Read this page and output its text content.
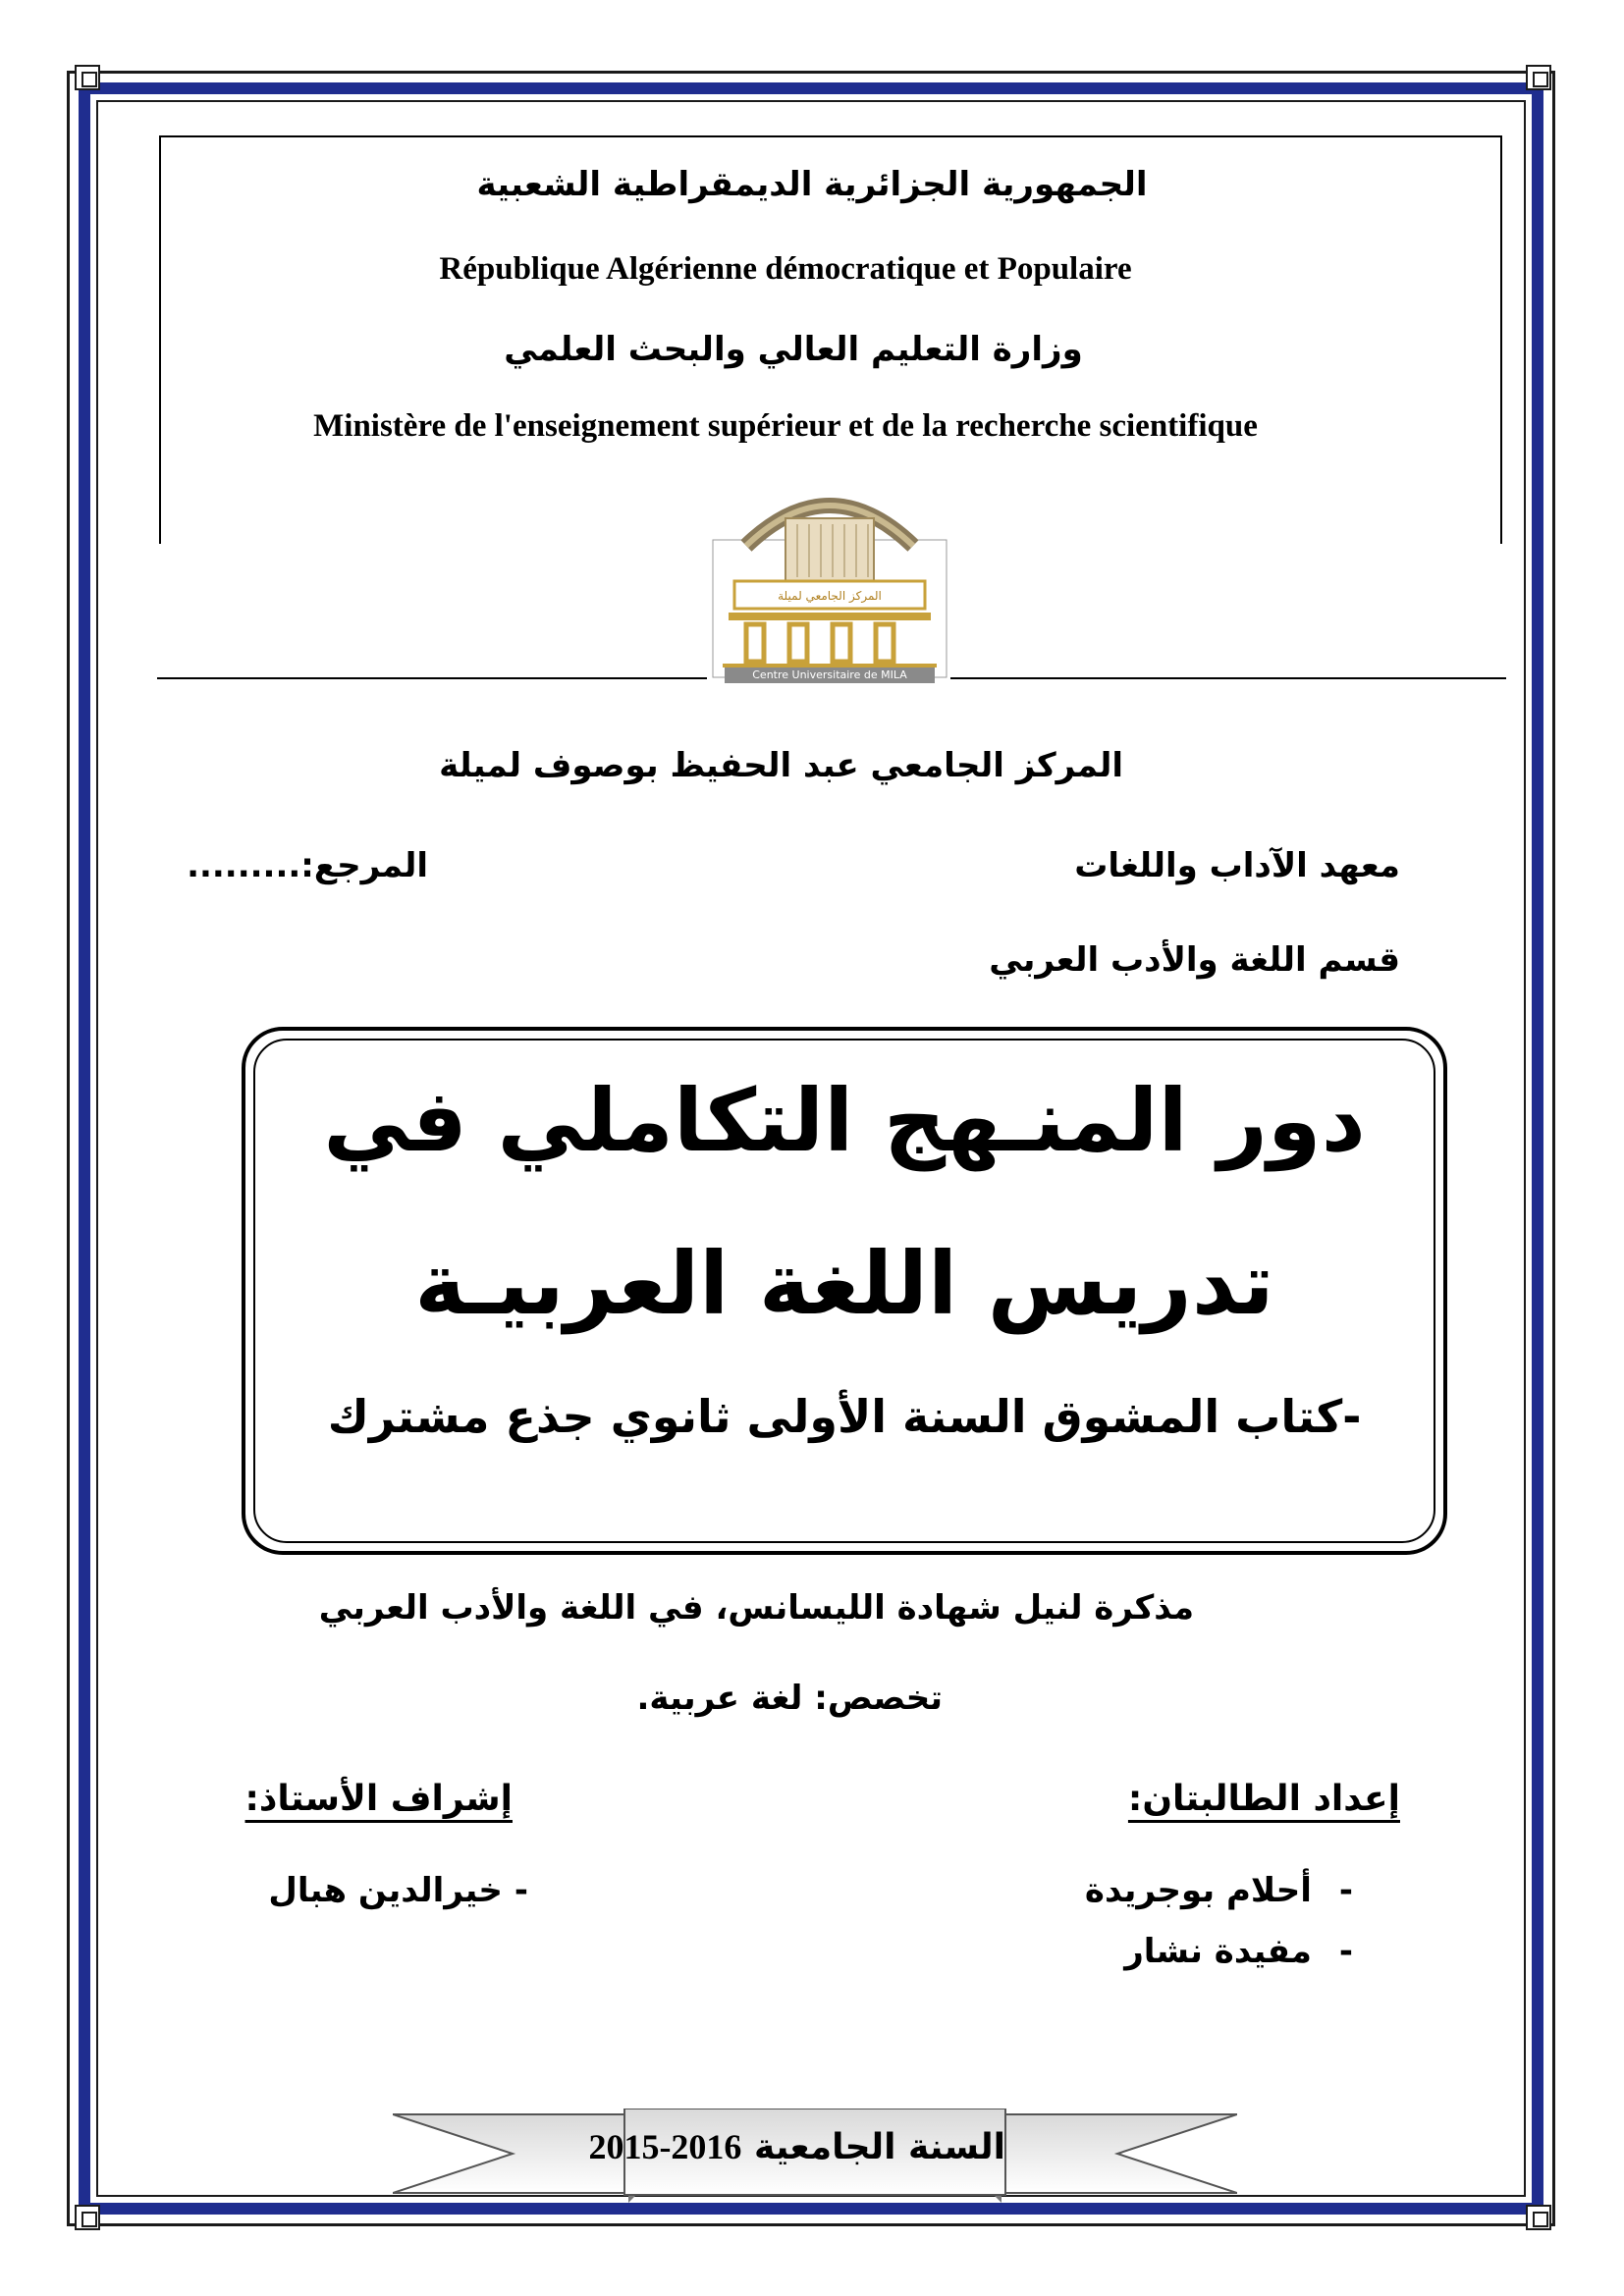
الجمهورية الجزائرية الديمقراطية الشعبية
République Algérienne démocratique et Populaire
وزارة التعليم العالي والبحث العلمي
Ministère de l'enseignement supérieur et de la recherche scientifique
المركز الجامعي لميلة
Centre Universitaire de MILA
المركز الجامعي عبد الحفيظ بوصوف لميلة
معهد الآداب واللغات
المرجع:.........
قسم اللغة والأدب العربي
دور المنـهج التكاملي في
تدريس اللغة العربيـة
-كتاب المشوق السنة الأولى ثانوي جذع مشترك
مذكرة لنيل شهادة الليسانس، في اللغة والأدب العربي
تخصص: لغة عربية.
إعداد الطالبتان:
-أحلام بوجريدة
-مفيدة نشار
إشراف الأستاذ:
-خيرالدين هبال
السنة الجامعية 2015-2016
